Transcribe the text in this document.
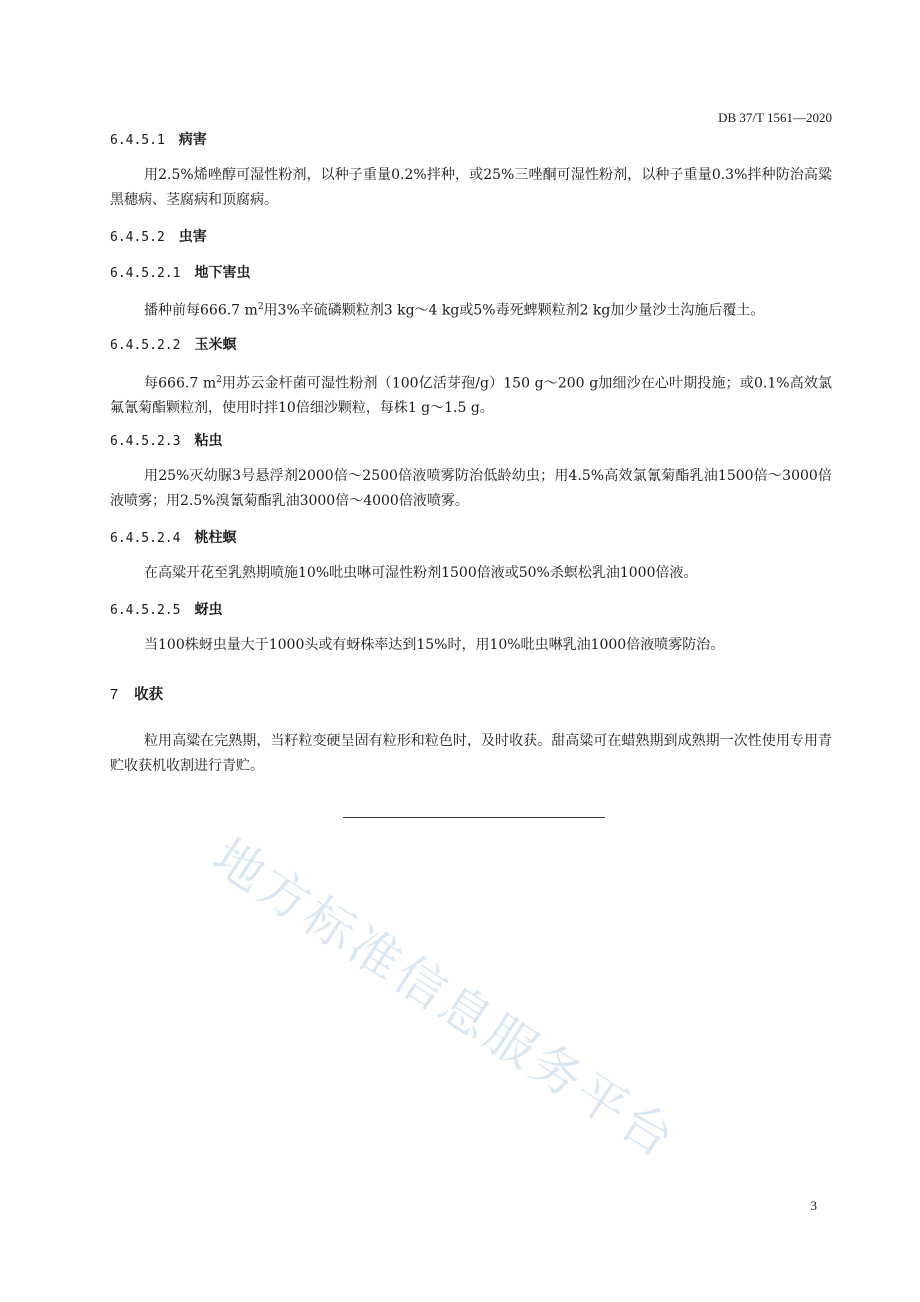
DB 37/T 1561—2020
6.4.5.1 病害
用2.5%烯唑醇可湿性粉剂，以种子重量0.2%拌种，或25%三唑酮可湿性粉剂，以种子重量0.3%拌种防治高粱黑穗病、茎腐病和顶腐病。
6.4.5.2 虫害
6.4.5.2.1 地下害虫
播种前每666.7 $m^2$用3%辛硫磷颗粒剂3 kg～4 kg或5%毒死蜱颗粒剂2 kg加少量沙土沟施后覆土。
6.4.5.2.2 玉米螟
每666.7 $m^2$用苏云金杆菌可湿性粉剂（100亿活芽孢/g）150 g～200 g加细沙在心叶期投施；或0.1%高效氯氟氰菊酯颗粒剂，使用时拌10倍细沙颗粒，每株1 g～1.5 g。
6.4.5.2.3 粘虫
用25%灭幼脲3号悬浮剂2000倍～2500倍液喷雾防治低龄幼虫；用4.5%高效氯氰菊酯乳油1500倍～3000倍液喷雾；用2.5%溴氰菊酯乳油3000倍～4000倍液喷雾。
6.4.5.2.4 桃柱螟
在高粱开花至乳熟期喷施10%吡虫啉可湿性粉剂1500倍液或50%杀螟松乳油1000倍液。
6.4.5.2.5 蚜虫
当100株蚜虫量大于1000头或有蚜株率达到15%时，用10%吡虫啉乳油1000倍液喷雾防治。
7 收获
粒用高粱在完熟期，当籽粒变硬呈固有粒形和粒色时，及时收获。甜高粱可在蜡熟期到成熟期一次性使用专用青贮收获机收割进行青贮。
地方标准信息服务平台
3
